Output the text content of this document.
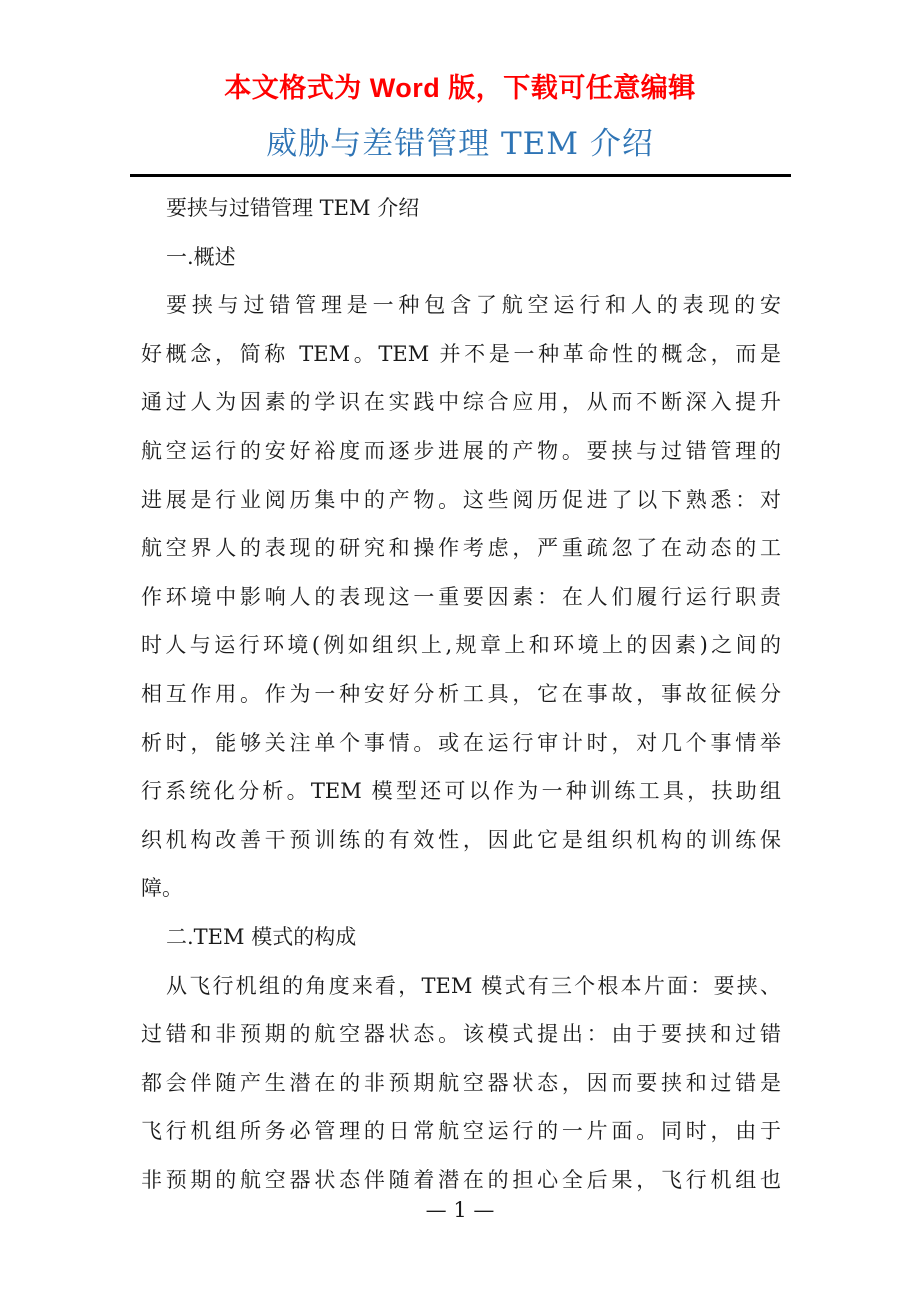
本文格式为 Word 版，下载可任意编辑
威胁与差错管理 TEM 介绍
要挟与过错管理 TEM 介绍
一.概述
要挟与过错管理是一种包含了航空运行和人的表现的安
好概念，简称 TEM。TEM 并不是一种革命性的概念，而是
通过人为因素的学识在实践中综合应用，从而不断深入提升
航空运行的安好裕度而逐步进展的产物。要挟与过错管理的
进展是行业阅历集中的产物。这些阅历促进了以下熟悉：对
航空界人的表现的研究和操作考虑，严重疏忽了在动态的工
作环境中影响人的表现这一重要因素：在人们履行运行职责
时人与运行环境(例如组织上,规章上和环境上的因素)之间的
相互作用。作为一种安好分析工具，它在事故，事故征候分
析时，能够关注单个事情。或在运行审计时，对几个事情举
行系统化分析。TEM 模型还可以作为一种训练工具，扶助组
织机构改善干预训练的有效性，因此它是组织机构的训练保
障。
二.TEM 模式的构成
从飞行机组的角度来看，TEM 模式有三个根本片面：要挟、
过错和非预期的航空器状态。该模式提出：由于要挟和过错
都会伴随产生潜在的非预期航空器状态，因而要挟和过错是
飞行机组所务必管理的日常航空运行的一片面。同时，由于
非预期的航空器状态伴随着潜在的担心全后果，飞行机组也
— 1 —
